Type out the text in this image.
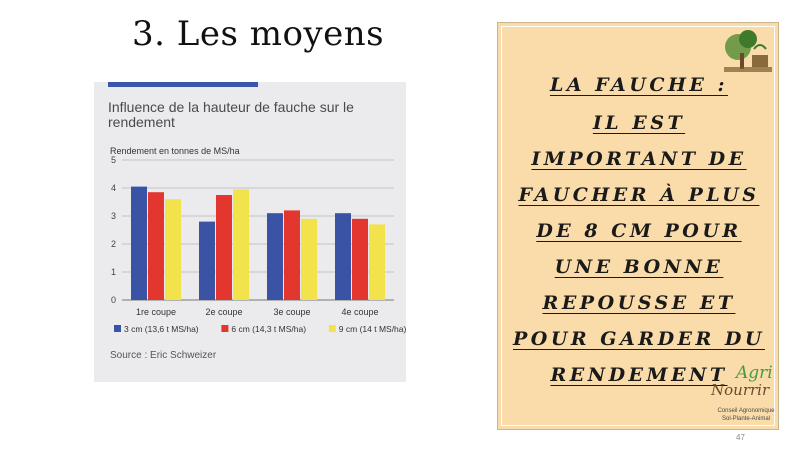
3. Les moyens
Influence de la hauteur de fauche sur le rendement
Rendement en tonnes de MS/ha
0
1
2
3
4
5
1re coupe	2e coupe	3e coupe	4e coupe
3 cm (13,6 t MS/ha)	6 cm (14,3 t MS/ha)	9 cm (14 t MS/ha)
Source : Eric Schweizer
LA FAUCHE :
IL EST
IMPORTANT DE
FAUCHER À PLUS
DE 8 CM POUR
UNE BONNE
REPOUSSE ET
POUR GARDER DU
RENDEMENT Agri
Nourrir
Conseil Agronomique
Sol-Plante-Animal
47
